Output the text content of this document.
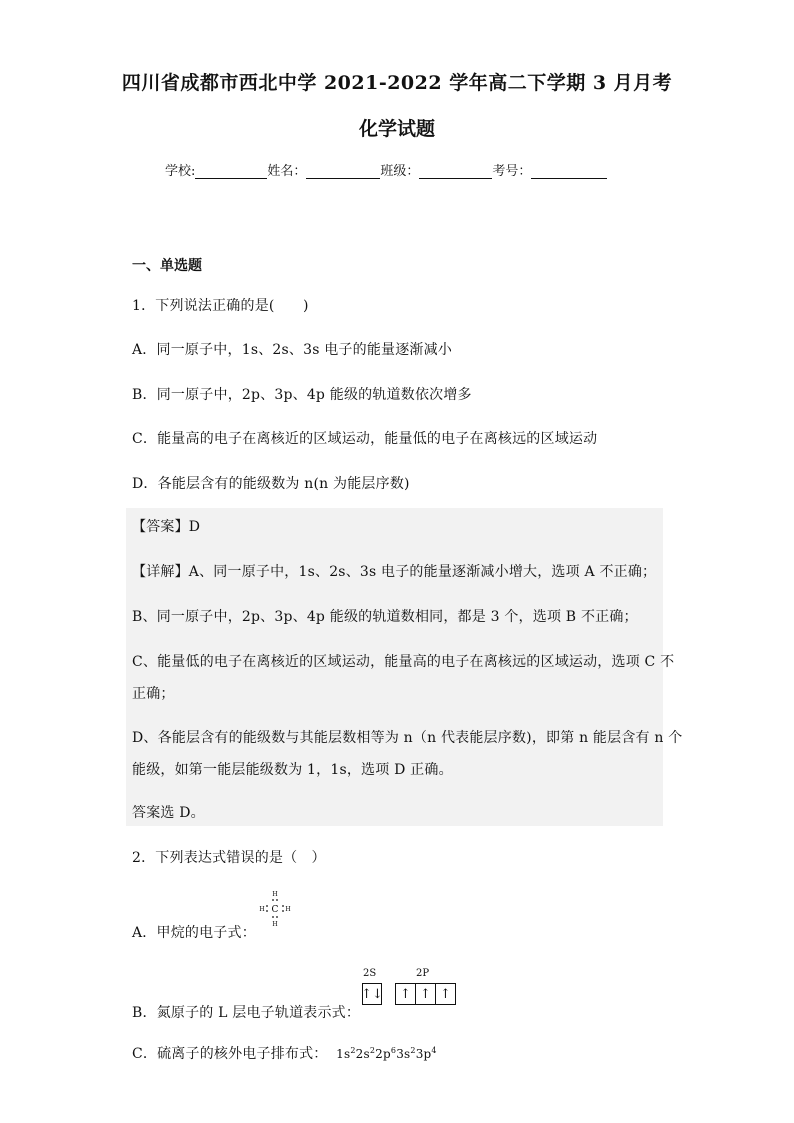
四川省成都市西北中学 2021-2022 学年高二下学期 3 月月考
化学试题
学校:	姓名：	班级：	考号：
一、单选题
1．下列说法正确的是(　　)
A．同一原子中，1s、2s、3s 电子的能量逐渐减小
B．同一原子中，2p、3p、4p 能级的轨道数依次增多
C．能量高的电子在离核近的区域运动，能量低的电子在离核远的区域运动
D．各能层含有的能级数为 n(n 为能层序数)
【答案】D
【详解】A、同一原子中，1s、2s、3s 电子的能量逐渐减小增大，选项 A 不正确；
B、同一原子中，2p、3p、4p 能级的轨道数相同，都是 3 个，选项 B 不正确；
C、能量低的电子在离核近的区域运动，能量高的电子在离核远的区域运动，选项 C 不
正确；
D、各能层含有的能级数与其能层数相等为 n（n 代表能层序数)，即第 n 能层含有 n 个
能级，如第一能层能级数为 1，1s，选项 D 正确。
答案选 D。
2．下列表达式错误的是（　）
A．甲烷的电子式：
H
H	H
H
C
B．氮原子的 L 层电子轨道表示式：
2S	2P
↑↓	↑ ↑ ↑
C．硫离子的核外电子排布式： $1s^22s^22p^63s^23p^4$
